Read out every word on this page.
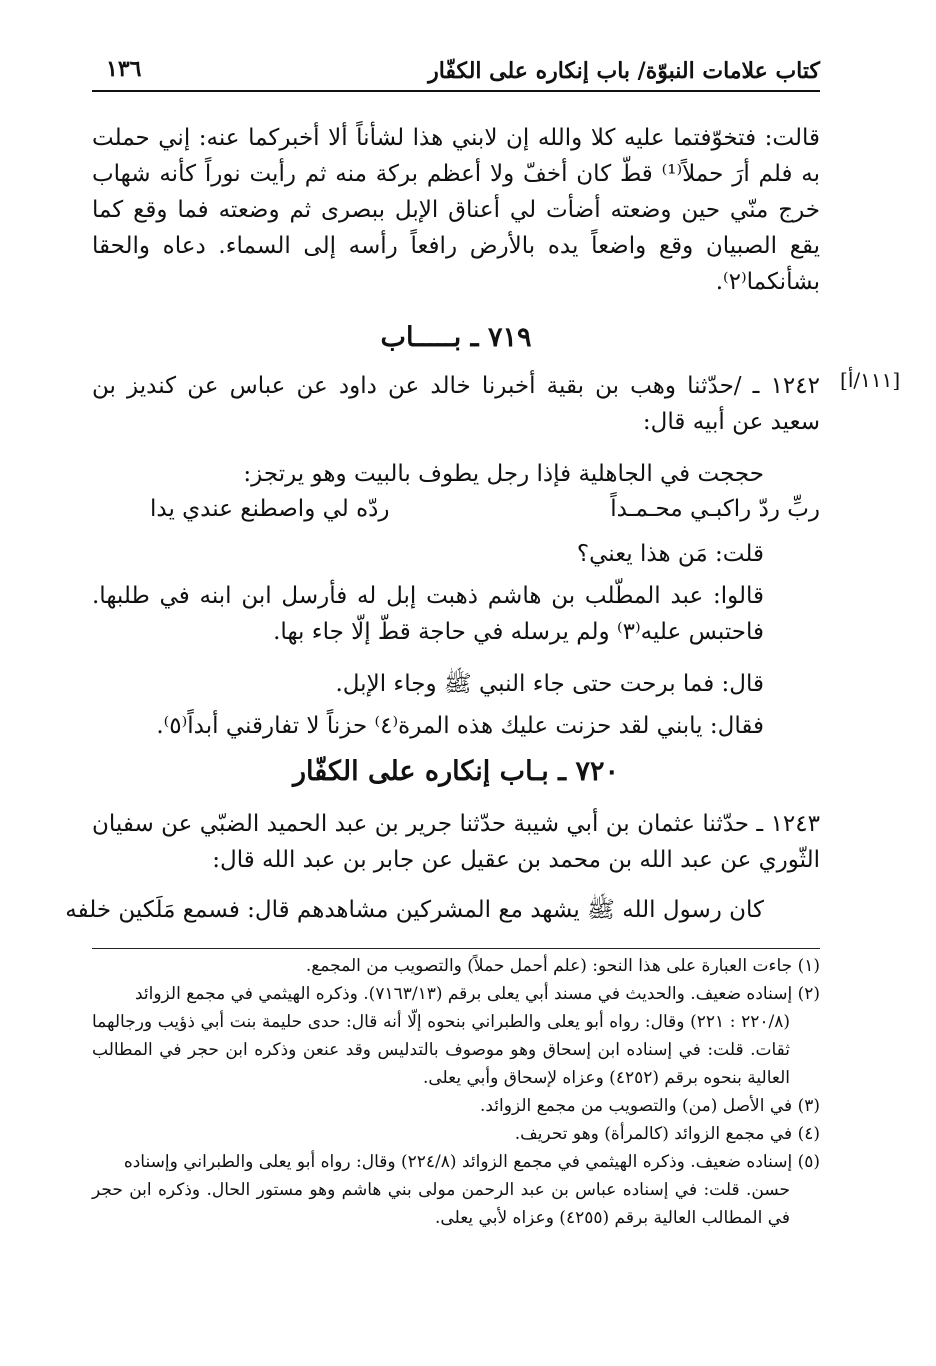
كتاب علامات النبوّة/ باب إنكاره على الكفّار
١٣٦
قالت: فتخوّفتما عليه كلا والله إن لابني هذا لشأناً ألا أخبركما عنه: إني حملت به فلم أرَ حملاً⁽¹⁾ قطّ كان أخفّ ولا أعظم بركة منه ثم رأيت نوراً كأنه شهاب خرج منّي حين وضعته أضأت لي أعناق الإبل ببصرى ثم وضعته فما وقع كما يقع الصبيان وقع واضعاً يده بالأرض رافعاً رأسه إلى السماء. دعاه والحقا بشأنكما⁽٢⁾.
٧١٩ ـ بـــــاب
[١١١/أ]
١٢٤٢ ـ /حدّثنا وهب بن بقية أخبرنا خالد عن داود عن عباس عن كنديز بن سعيد عن أبيه قال:
حججت في الجاهلية فإذا رجل يطوف بالبيت وهو يرتجز:
ربِّ ردّ راكبـي محـمـداً
ردّه لي واصطنع عندي يدا
قلت: مَن هذا يعني؟
قالوا: عبد المطّلب بن هاشم ذهبت إبل له فأرسل ابن ابنه في طلبها. فاحتبس عليه⁽٣⁾ ولم يرسله في حاجة قطّ إلّا جاء بها.
قال: فما برحت حتى جاء النبي ﷺ وجاء الإبل.
فقال: يابني لقد حزنت عليك هذه المرة⁽٤⁾ حزناً لا تفارقني أبداً⁽٥⁾.
٧٢٠ ـ بـاب إنكاره على الكفّار
١٢٤٣ ـ حدّثنا عثمان بن أبي شيبة حدّثنا جرير بن عبد الحميد الضبّي عن سفيان الثّوري عن عبد الله بن محمد بن عقيل عن جابر بن عبد الله قال:
كان رسول الله ﷺ يشهد مع المشركين مشاهدهم قال: فسمع مَلَكين خلفه
(١) جاءت العبارة على هذا النحو: (علم أحمل حملاً) والتصويب من المجمع.
(٢) إسناده ضعيف. والحديث في مسند أبي يعلى برقم (٧١٦٣/١٣). وذكره الهيثمي في مجمع الزوائد
(٢٢٠/٨ : ٢٢١) وقال: رواه أبو يعلى والطبراني بنحوه إلّا أنه قال: حدى حليمة بنت أبي ذؤيب ورجالهما ثقات. قلت: في إسناده ابن إسحاق وهو موصوف بالتدليس وقد عنعن وذكره ابن حجر في المطالب العالية بنحوه برقم (٤٢٥٢) وعزاه لإسحاق وأبي يعلى.
(٣) في الأصل (من) والتصويب من مجمع الزوائد.
(٤) في مجمع الزوائد (كالمرأة) وهو تحريف.
(٥) إسناده ضعيف. وذكره الهيثمي في مجمع الزوائد (٢٢٤/٨) وقال: رواه أبو يعلى والطبراني وإسناده
حسن. قلت: في إسناده عباس بن عبد الرحمن مولى بني هاشم وهو مستور الحال. وذكره ابن حجر في المطالب العالية برقم (٤٢٥٥) وعزاه لأبي يعلى.
